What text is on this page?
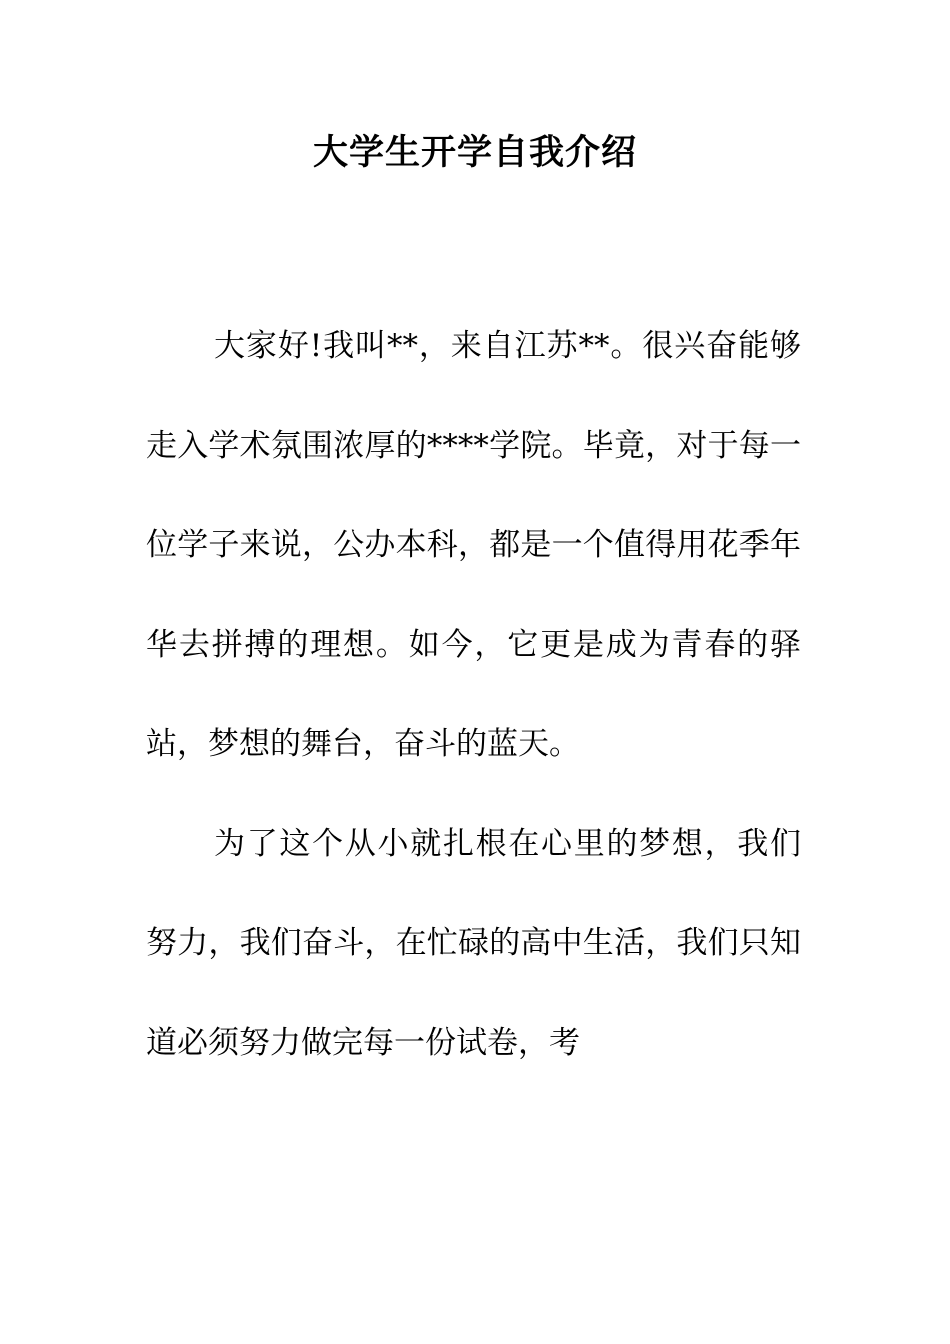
大学生开学自我介绍

大家好!我叫**，来自江苏**。很兴奋能够走入学术氛围浓厚的****学院。毕竟，对于每一位学子来说，公办本科，都是一个值得用花季年华去拼搏的理想。如今，它更是成为青春的驿站，梦想的舞台，奋斗的蓝天。

为了这个从小就扎根在心里的梦想，我们努力，我们奋斗，在忙碌的高中生活，我们只知道必须努力做完每一份试卷，考
